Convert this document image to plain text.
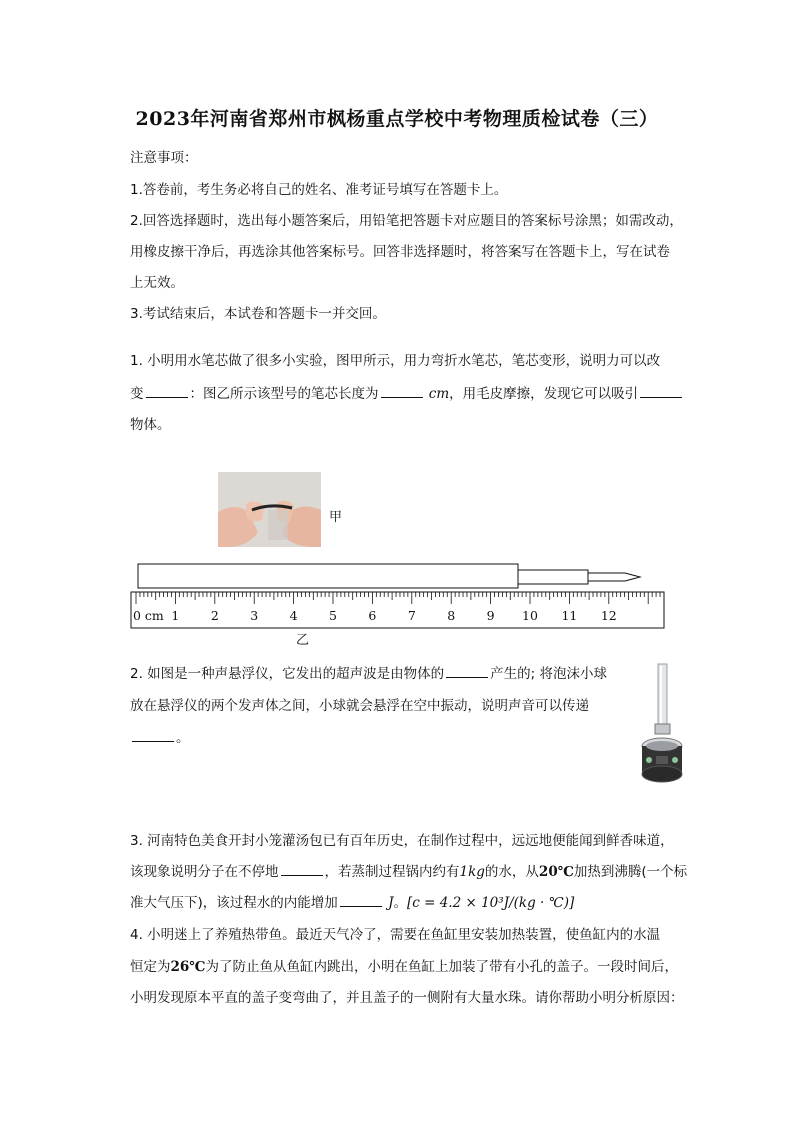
2023年河南省郑州市枫杨重点学校中考物理质检试卷（三）
注意事项：
1.答卷前，考生务必将自己的姓名、准考证号填写在答题卡上。
2.回答选择题时，选出每小题答案后，用铅笔把答题卡对应题目的答案标号涂黑；如需改动，
用橡皮擦干净后，再选涂其他答案标号。回答非选择题时，将答案写在答题卡上，写在试卷
上无效。
3.考试结束后，本试卷和答题卡一并交回。
1. 小明用水笔芯做了很多小实验，图甲所示，用力弯折水笔芯，笔芯变形，说明力可以改
变	：图乙所示该型号的笔芯长度为	cm，用毛皮摩擦，发现它可以吸引
物体。
甲
0 cm 1	2	3	4	5	6	7	8	9 10 11 12
乙
2. 如图是一种声悬浮仪，它发出的超声波是由物体的	产生的; 将泡沫小球
放在悬浮仪的两个发声体之间，小球就会悬浮在空中振动，说明声音可以传递
。
3. 河南特色美食开封小笼灌汤包已有百年历史，在制作过程中，远远地便能闻到鲜香味道，
该现象说明分子在不停地	，若蒸制过程锅内约有1kg的水，从20℃加热到沸腾(一个标
准大气压下)，该过程水的内能增加	J。[c = 4.2 × 10³J/(kg · ℃)]
4. 小明迷上了养殖热带鱼。最近天气冷了，需要在鱼缸里安装加热装置，使鱼缸内的水温
恒定为26℃为了防止鱼从鱼缸内跳出，小明在鱼缸上加装了带有小孔的盖子。一段时间后，
小明发现原本平直的盖子变弯曲了，并且盖子的一侧附有大量水珠。请你帮助小明分析原因：
